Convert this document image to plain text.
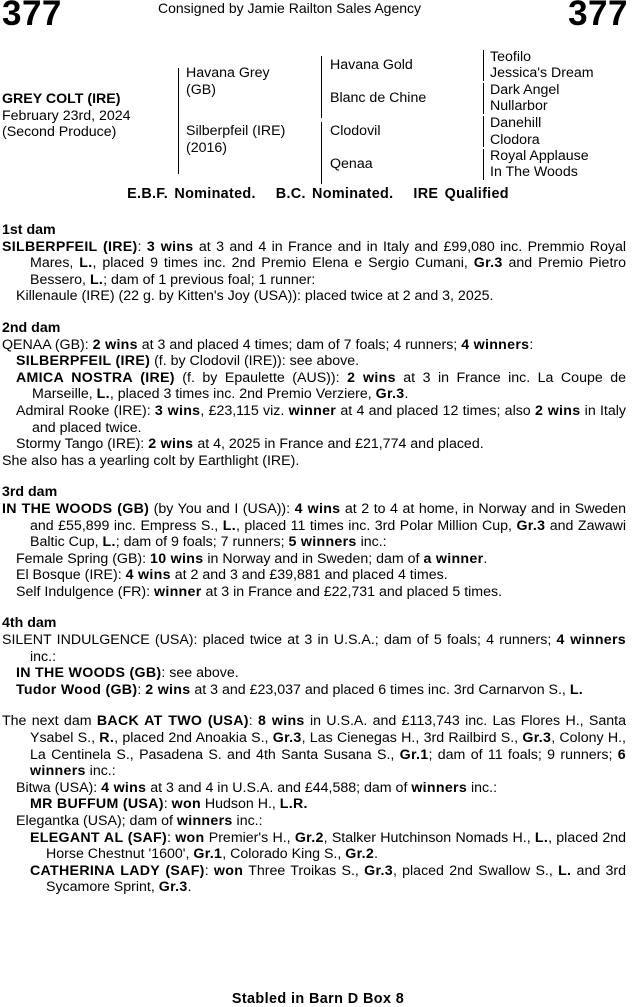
377	Consigned by Jamie Railton Sales Agency	377
GREY COLT (IRE)
February 23rd, 2024
(Second Produce)
Havana Grey
(GB)
Silberpfeil (IRE)
(2016)
Havana Gold
Blanc de Chine
Clodovil
Qenaa
Teofilo
Jessica's Dream
Dark Angel
Nullarbor
Danehill
Clodora
Royal Applause
In The Woods
E.B.F. Nominated. B.C. Nominated. IRE Qualified
1st dam
SILBERPFEIL (IRE): 3 wins at 3 and 4 in France and in Italy and £99,080 inc. Premmio Royal Mares, L., placed 9 times inc. 2nd Premio Elena e Sergio Cumani, Gr.3 and Premio Pietro Bessero, L.; dam of 1 previous foal; 1 runner:
Killenaule (IRE) (22 g. by Kitten's Joy (USA)): placed twice at 2 and 3, 2025.
2nd dam
QENAA (GB): 2 wins at 3 and placed 4 times; dam of 7 foals; 4 runners; 4 winners:
SILBERPFEIL (IRE) (f. by Clodovil (IRE)): see above.
AMICA NOSTRA (IRE) (f. by Epaulette (AUS)): 2 wins at 3 in France inc. La Coupe de Marseille, L., placed 3 times inc. 2nd Premio Verziere, Gr.3.
Admiral Rooke (IRE): 3 wins, £23,115 viz. winner at 4 and placed 12 times; also 2 wins in Italy and placed twice.
Stormy Tango (IRE): 2 wins at 4, 2025 in France and £21,774 and placed.
She also has a yearling colt by Earthlight (IRE).
3rd dam
IN THE WOODS (GB) (by You and I (USA)): 4 wins at 2 to 4 at home, in Norway and in Sweden and £55,899 inc. Empress S., L., placed 11 times inc. 3rd Polar Million Cup, Gr.3 and Zawawi Baltic Cup, L.; dam of 9 foals; 7 runners; 5 winners inc.:
Female Spring (GB): 10 wins in Norway and in Sweden; dam of a winner.
El Bosque (IRE): 4 wins at 2 and 3 and £39,881 and placed 4 times.
Self Indulgence (FR): winner at 3 in France and £22,731 and placed 5 times.
4th dam
SILENT INDULGENCE (USA): placed twice at 3 in U.S.A.; dam of 5 foals; 4 runners; 4 winners inc.:
IN THE WOODS (GB): see above.
Tudor Wood (GB): 2 wins at 3 and £23,037 and placed 6 times inc. 3rd Carnarvon S., L.
The next dam BACK AT TWO (USA): 8 wins in U.S.A. and £113,743 inc. Las Flores H., Santa Ysabel S., R., placed 2nd Anoakia S., Gr.3, Las Cienegas H., 3rd Railbird S., Gr.3, Colony H., La Centinela S., Pasadena S. and 4th Santa Susana S., Gr.1; dam of 11 foals; 9 runners; 6 winners inc.:
Bitwa (USA): 4 wins at 3 and 4 in U.S.A. and £44,588; dam of winners inc.:
MR BUFFUM (USA): won Hudson H., L.R.
Elegantka (USA); dam of winners inc.:
ELEGANT AL (SAF): won Premier's H., Gr.2, Stalker Hutchinson Nomads H., L., placed 2nd Horse Chestnut '1600', Gr.1, Colorado King S., Gr.2.
CATHERINA LADY (SAF): won Three Troikas S., Gr.3, placed 2nd Swallow S., L. and 3rd Sycamore Sprint, Gr.3.
Stabled in Barn D Box 8
